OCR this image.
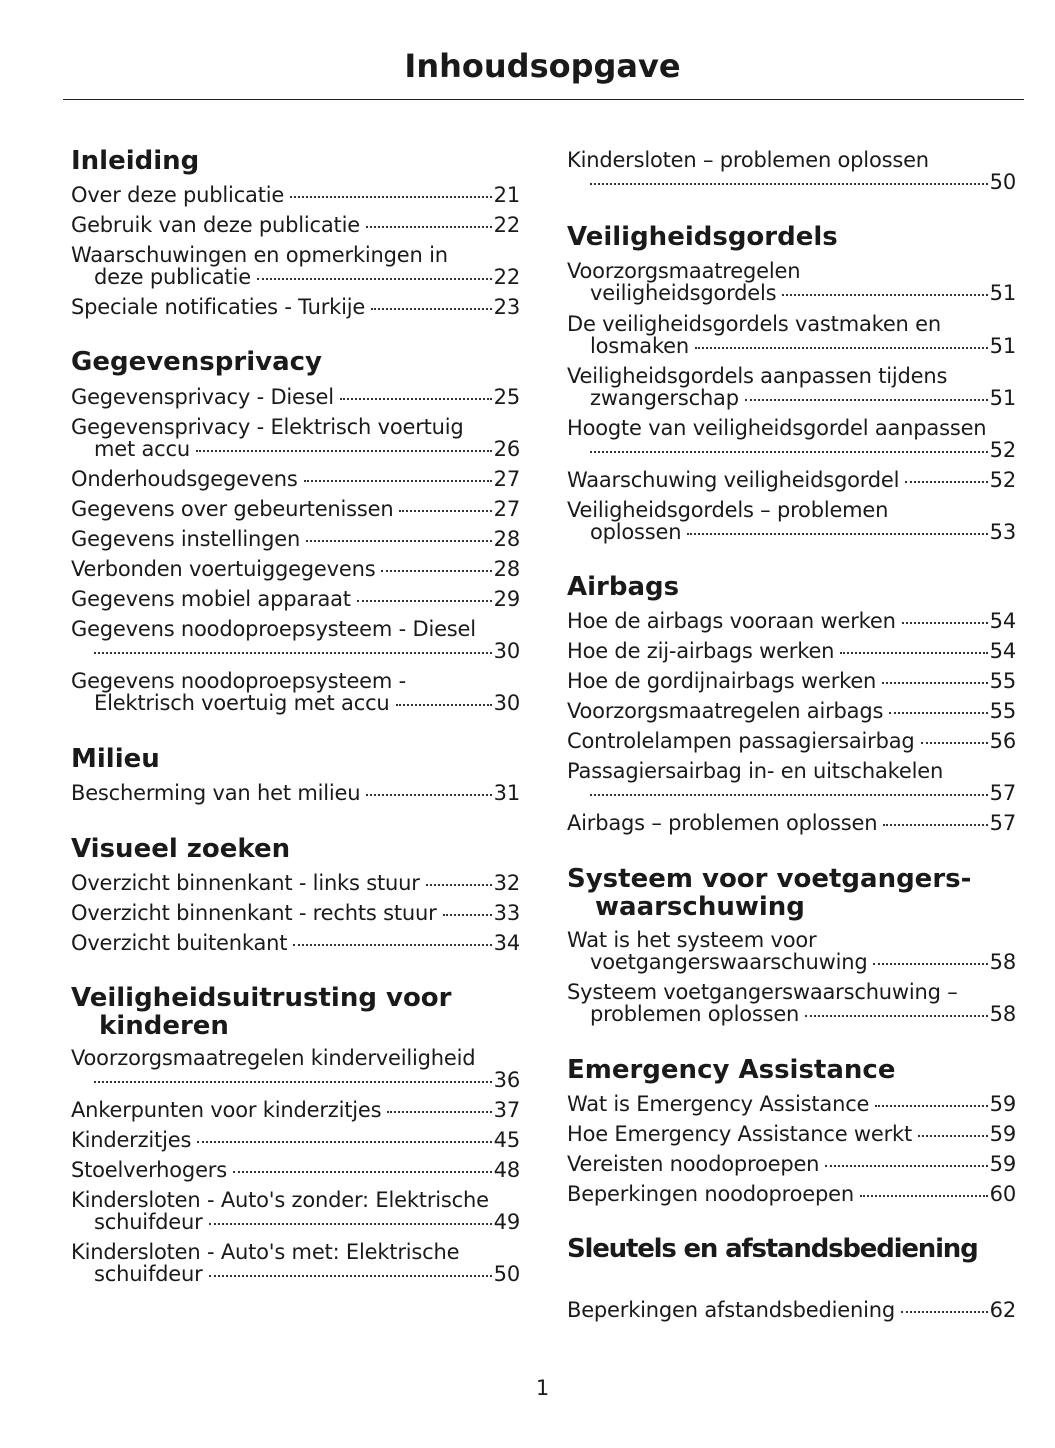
Inhoudsopgave
Inleiding
Over deze publicatie	21
Gebruik van deze publicatie	22
Waarschuwingen en opmerkingen in
deze publicatie	22
Speciale notificaties - Turkije	23
Gegevensprivacy
Gegevensprivacy - Diesel	25
Gegevensprivacy - Elektrisch voertuig
met accu	26
Onderhoudsgegevens	27
Gegevens over gebeurtenissen	27
Gegevens instellingen	28
Verbonden voertuiggegevens	28
Gegevens mobiel apparaat	29
Gegevens noodoproepsysteem - Diesel
30
Gegevens noodoproepsysteem -
Elektrisch voertuig met accu	30
Milieu
Bescherming van het milieu	31
Visueel zoeken
Overzicht binnenkant - links stuur	32
Overzicht binnenkant - rechts stuur	33
Overzicht buitenkant	34
Veiligheidsuitrusting voor
kinderen
Voorzorgsmaatregelen kinderveiligheid
36
Ankerpunten voor kinderzitjes	37
Kinderzitjes	45
Stoelverhogers	48
Kindersloten - Auto's zonder: Elektrische
schuifdeur	49
Kindersloten - Auto's met: Elektrische
schuifdeur	50
Kindersloten – problemen oplossen
50
Veiligheidsgordels
Voorzorgsmaatregelen
veiligheidsgordels	51
De veiligheidsgordels vastmaken en
losmaken	51
Veiligheidsgordels aanpassen tijdens
zwangerschap	51
Hoogte van veiligheidsgordel aanpassen
52
Waarschuwing veiligheidsgordel	52
Veiligheidsgordels – problemen
oplossen	53
Airbags
Hoe de airbags vooraan werken	54
Hoe de zij-airbags werken	54
Hoe de gordijnairbags werken	55
Voorzorgsmaatregelen airbags	55
Controlelampen passagiersairbag	56
Passagiersairbag in- en uitschakelen
57
Airbags – problemen oplossen	57
Systeem voor voetgangers-
waarschuwing
Wat is het systeem voor
voetgangerswaarschuwing	58
Systeem voetgangerswaarschuwing –
problemen oplossen	58
Emergency Assistance
Wat is Emergency Assistance	59
Hoe Emergency Assistance werkt	59
Vereisten noodoproepen	59
Beperkingen noodoproepen	60
Sleutels en afstandsbediening
Beperkingen afstandsbediening	62

1
